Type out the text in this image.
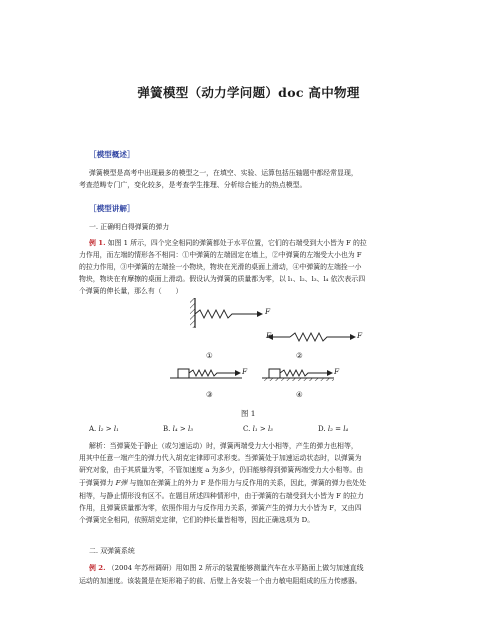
弹簧模型（动力学问题）doc 高中物理
［模型概述］
弹簧模型是高考中出现最多的模型之一，在填空、实验、运算包括压轴题中都经常显现，
考查范畴专门广，变化较多，是考查学生推理、分析综合能力的热点模型。
［模型讲解］
一. 正确明白得弹簧的弹力
例 1. 如图 1 所示，四个完全相同的弹簧都处于水平位置，它们的右端受到大小皆为 F 的拉
力作用，而左端的情形各不相同：①中弹簧的左端固定在墙上，②中弹簧的左端受大小也为 F
的拉力作用，③中弹簧的左端拴一小物块，物块在光滑的桌面上滑动，④中弹簧的左端拴一小
物块，物块在有摩擦的桌面上滑动。假设认为弹簧的质量都为零，以 l₁、l₂、l₃、l₄ 依次表示四
个弹簧的伸长量，那么有（　　）
F
F	F
F	F
①	②
③	④
图 1
A. l₂ > l₁	B. l₄ > l₃	C. l₁ > l₃	D. l₂ = l₄
解析：当弹簧处于静止（或匀速运动）时，弹簧两端受力大小相等，产生的弹力也相等，
用其中任意一端产生的弹力代入胡克定律即可求形变。当弹簧处于加速运动状态时，以弹簧为
研究对象，由于其质量为零，不管加速度 a 为多少，仍旧能够得到弹簧两端受力大小相等。由
于弹簧弹力 F弹 与施加在弹簧上的外力 F 是作用力与反作用的关系，因此，弹簧的弹力也处处
相等，与静止情形没有区不。在题目所述四种情形中，由于弹簧的右端受到大小皆为 F 的拉力
作用，且弹簧质量都为零，依照作用力与反作用力关系，弹簧产生的弹力大小皆为 F，又由四
个弹簧完全相同，依照胡克定律，它们的伸长量皆相等，因此正确选项为 D。
二. 双弹簧系统
例 2. （2004 年苏州调研）用如图 2 所示的装置能够测量汽车在水平路面上做匀加速直线
运动的加速度。该装置是在矩形箱子的前、后壁上各安装一个由力敏电阻组成的压力传感器。
